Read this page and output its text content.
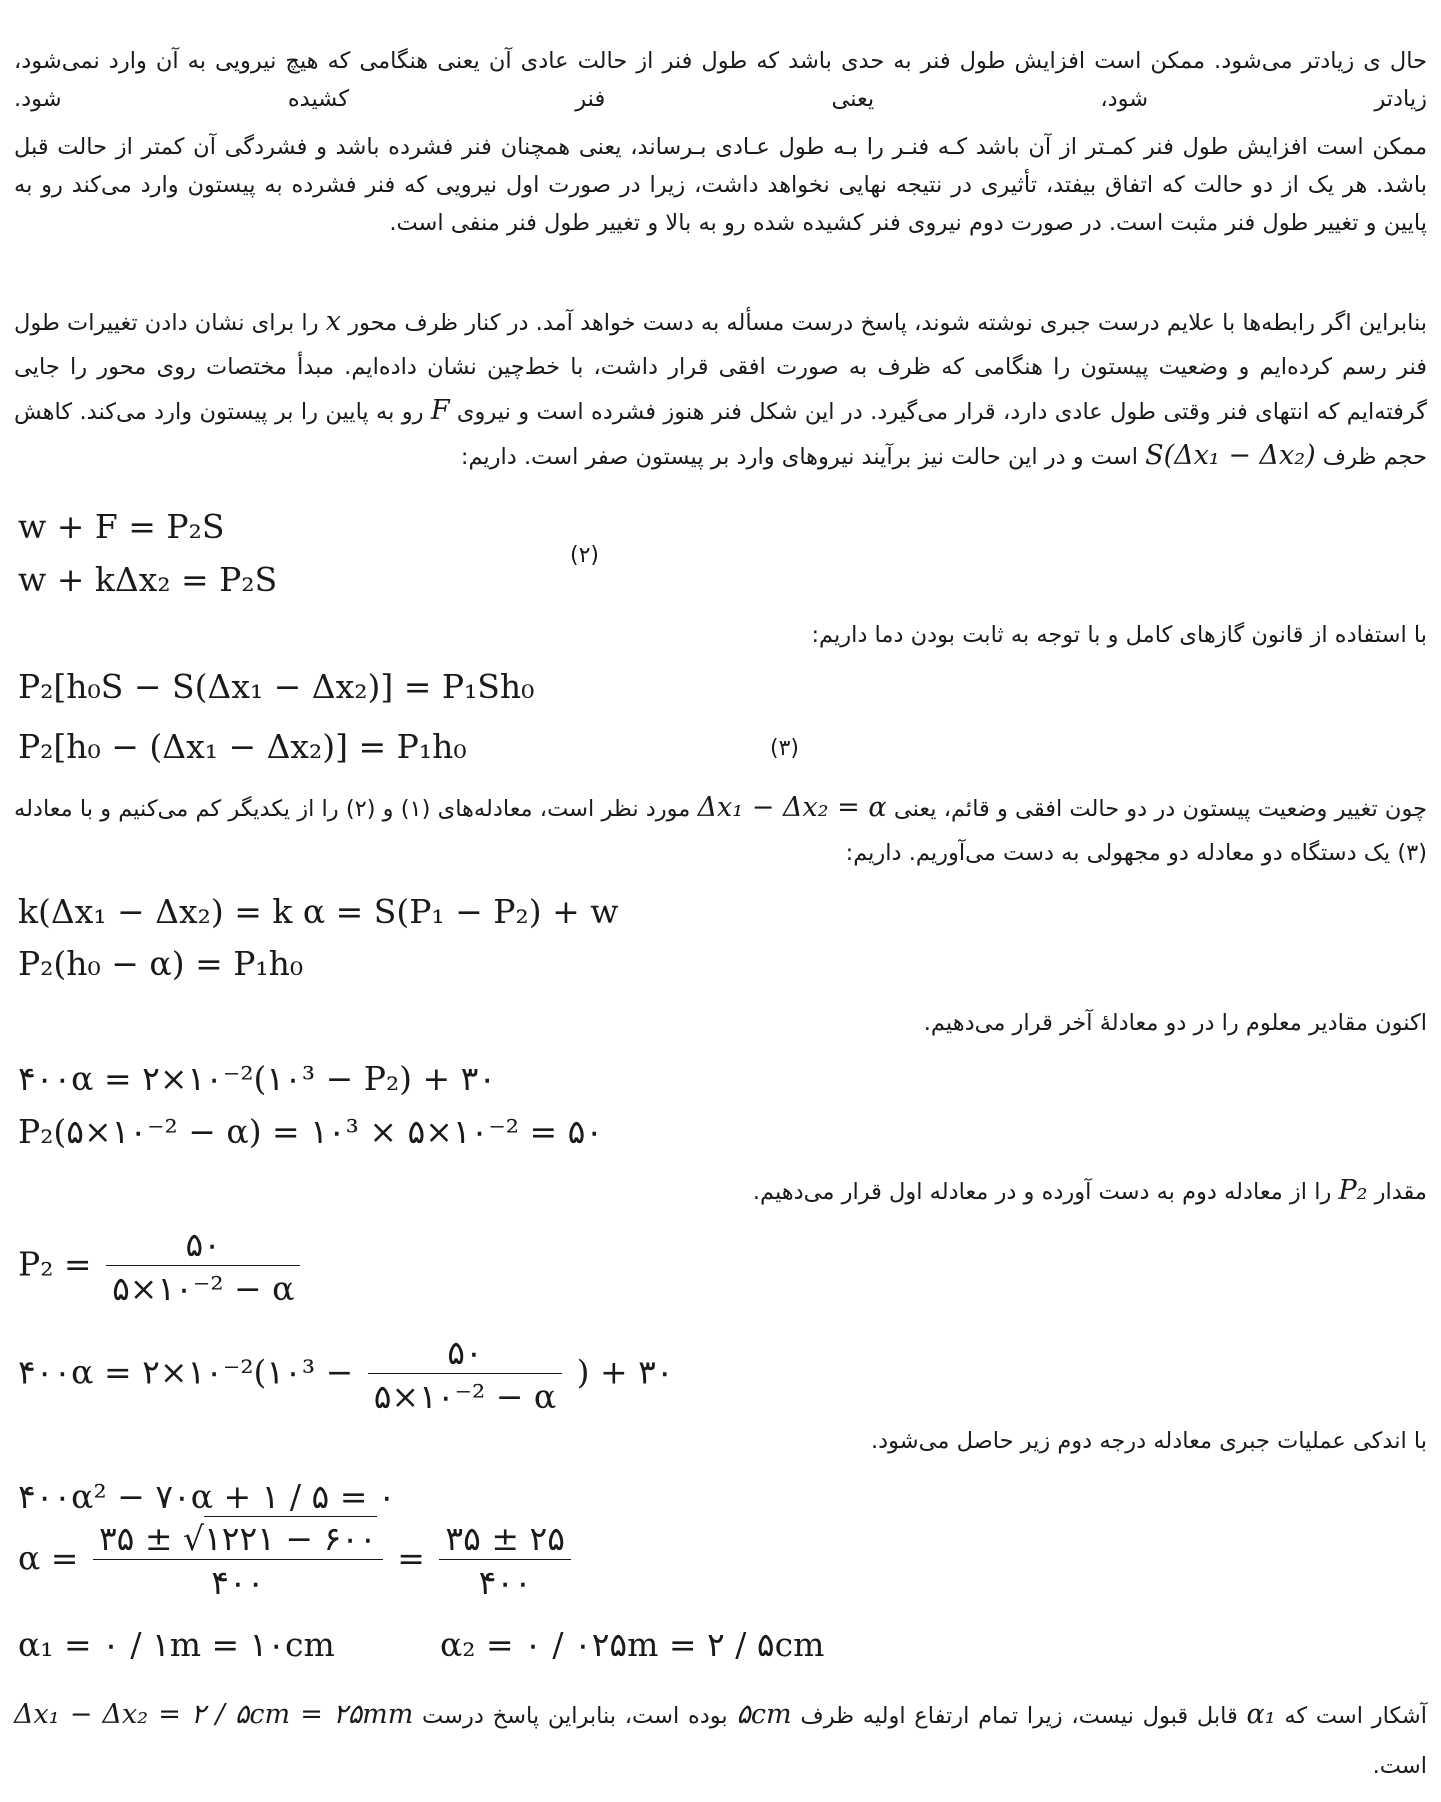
حال ی زیادتر می‌شود. ممکن است افزایش طول فنر به حدی باشد که طول فنر از حالت عادی آن یعنی هنگامی که هیچ نیرویی به آن وارد نمی‌شود، زیادتر شود، یعنی فنر کشیده شود.
ممکن است افزایش طول فنر کمـتر از آن باشد کـه فنـر را بـه طول عـادی بـرساند، یعنی همچنان فنر فشرده باشد و فشردگی آن کمتر از حالت قبل باشد. هر یک از دو حالت که اتفاق بیفتد، تأثیری در نتیجه نهایی نخواهد داشت، زیرا در صورت اول نیرویی که فنر فشرده به پیستون وارد می‌کند رو به پایین و تغییر طول فنر مثبت است. در صورت دوم نیروی فنر کشیده شده رو به بالا و تغییر طول فنر منفی است.
بنابراین اگر رابطه‌ها با علایم درست جبری نوشته شوند، پاسخ درست مسأله به دست خواهد آمد. در کنار ظرف محور x را برای نشان دادن تغییرات طول فنر رسم کرده‌ایم و وضعیت پیستون را هنگامی که ظرف به صورت افقی قرار داشت، با خط‌چین نشان داده‌ایم. مبدأ مختصات روی محور را جایی گرفته‌ایم که انتهای فنر وقتی طول عادی دارد، قرار می‌گیرد. در این شکل فنر هنوز فشرده است و نیروی F رو به پایین را بر پیستون وارد می‌کند. کاهش حجم ظرف S(Δx₁ − Δx₂) است و در این حالت نیز برآیند نیروهای وارد بر پیستون صفر است. داریم:
w + F = P₂S
w + kΔx₂ = P₂S
(۲)
با استفاده از قانون گازهای کامل و با توجه به ثابت بودن دما داریم:
P₂[h₀S − S(Δx₁ − Δx₂)] = P₁Sh₀
P₂[h₀ − (Δx₁ − Δx₂)] = P₁h₀	(۳)
چون تغییر وضعیت پیستون در دو حالت افقی و قائم، یعنی Δx₁ − Δx₂ = α مورد نظر است، معادله‌های (۱) و (۲) را از یکدیگر کم می‌کنیم و با معادله (۳) یک دستگاه دو معادله دو مجهولی به دست می‌آوریم. داریم:
k(Δx₁ − Δx₂) = k α = S(P₁ − P₂) + w
P₂(h₀ − α) = P₁h₀
اکنون مقادیر معلوم را در دو معادلهٔ آخر قرار می‌دهیم.
۴۰۰α = ۲×۱۰⁻²(۱۰³ − P₂) + ۳۰
P₂(۵×۱۰⁻² − α) = ۱۰³ × ۵×۱۰⁻² = ۵۰
مقدار P₂ را از معادله دوم به دست آورده و در معادله اول قرار می‌دهیم.
$P_2 = \frac{۵۰}{\text{۵×۱۰⁻² − α}}$
۴۰۰α = ۲×۱۰⁻²(۱۰³ − $\frac{۵۰}{\text{۵×۱۰⁻² − α}}$ ) + ۳۰
با اندکی عملیات جبری معادله درجه دوم زیر حاصل می‌شود.
۴۰۰α² − ۷۰α + ۱ / ۵ = ۰
$\alpha = \frac{۳۵ \pm √۱۲۲۱ - ۶۰۰}{۴۰۰} = \frac{۳۵ \pm ۲۵}{۴۰۰}$
α₁ = ۰ / ۱m = ۱۰cm	α₂ = ۰ / ۰۲۵m = ۲ / ۵cm
آشکار است که α₁ قابل قبول نیست، زیرا تمام ارتفاع اولیه ظرف ۵cm بوده است، بنابراین پاسخ درست Δx₁ − Δx₂ = ۲ / ۵cm = ۲۵mm است.
